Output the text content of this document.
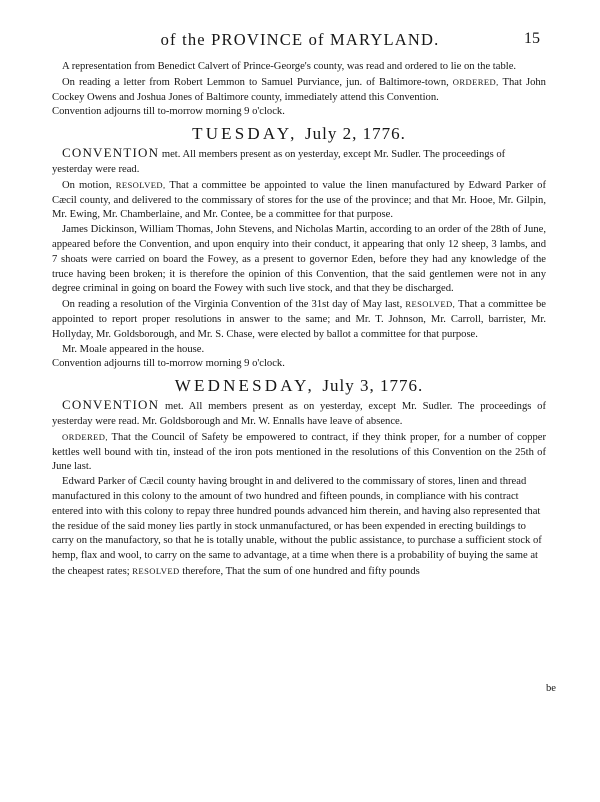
of the PROVINCE of MARYLAND.	15

A representation from Benedict Calvert of Prince-George's county, was read and ordered to lie on the table.

On reading a letter from Robert Lemmon to Samuel Purviance, jun. of Baltimore-town, ORDERED, That John Cockey Owens and Joshua Jones of Baltimore county, immediately attend this Convention.

Convention adjourns till to-morrow morning 9 o'clock.

TUESDAY, July 2, 1776.

CONVENTION met. All members present as on yesterday, except Mr. Sudler. The proceedings of yesterday were read.

On motion, RESOLVED, That a committee be appointed to value the linen manufactured by Edward Parker of Cæcil county, and delivered to the commissary of stores for the use of the province; and that Mr. Hooe, Mr. Gilpin, Mr. Ewing, Mr. Chamberlaine, and Mr. Contee, be a committee for that purpose.

James Dickinson, William Thomas, John Stevens, and Nicholas Martin, according to an order of the 28th of June, appeared before the Convention, and upon enquiry into their conduct, it appearing that only 12 sheep, 3 lambs, and 7 shoats were carried on board the Fowey, as a present to governor Eden, before they had any knowledge of the truce having been broken; it is therefore the opinion of this Convention, that the said gentlemen were not in any degree criminal in going on board the Fowey with such live stock, and that they be discharged.

On reading a resolution of the Virginia Convention of the 31st day of May last, RESOLVED, That a committee be appointed to report proper resolutions in answer to the same; and Mr. T. Johnson, Mr. Carroll, barrister, Mr. Hollyday, Mr. Goldsborough, and Mr. S. Chase, were elected by ballot a committee for that purpose.

Mr. Moale appeared in the house.

Convention adjourns till to-morrow morning 9 o'clock.

WEDNESDAY, July 3, 1776.

CONVENTION met. All members present as on yesterday, except Mr. Sudler. The proceedings of yesterday were read. Mr. Goldsborough and Mr. W. Ennalls have leave of absence.

ORDERED, That the Council of Safety be empowered to contract, if they think proper, for a number of copper kettles well bound with tin, instead of the iron pots mentioned in the resolutions of this Convention on the 25th of June last.

Edward Parker of Cæcil county having brought in and delivered to the commissary of stores, linen and thread manufactured in this colony to the amount of two hundred and fifteen pounds, in compliance with his contract entered into with this colony to repay three hundred pounds advanced him therein, and having also represented that the residue of the said money lies partly in stock unmanufactured, or has been expended in erecting buildings to carry on the manufactory, so that he is totally unable, without the public assistance, to purchase a sufficient stock of hemp, flax and wool, to carry on the same to advantage, at a time when there is a probability of buying the same at the cheapest rates; RESOLVED therefore, That the sum of one hundred and fifty pounds

be
